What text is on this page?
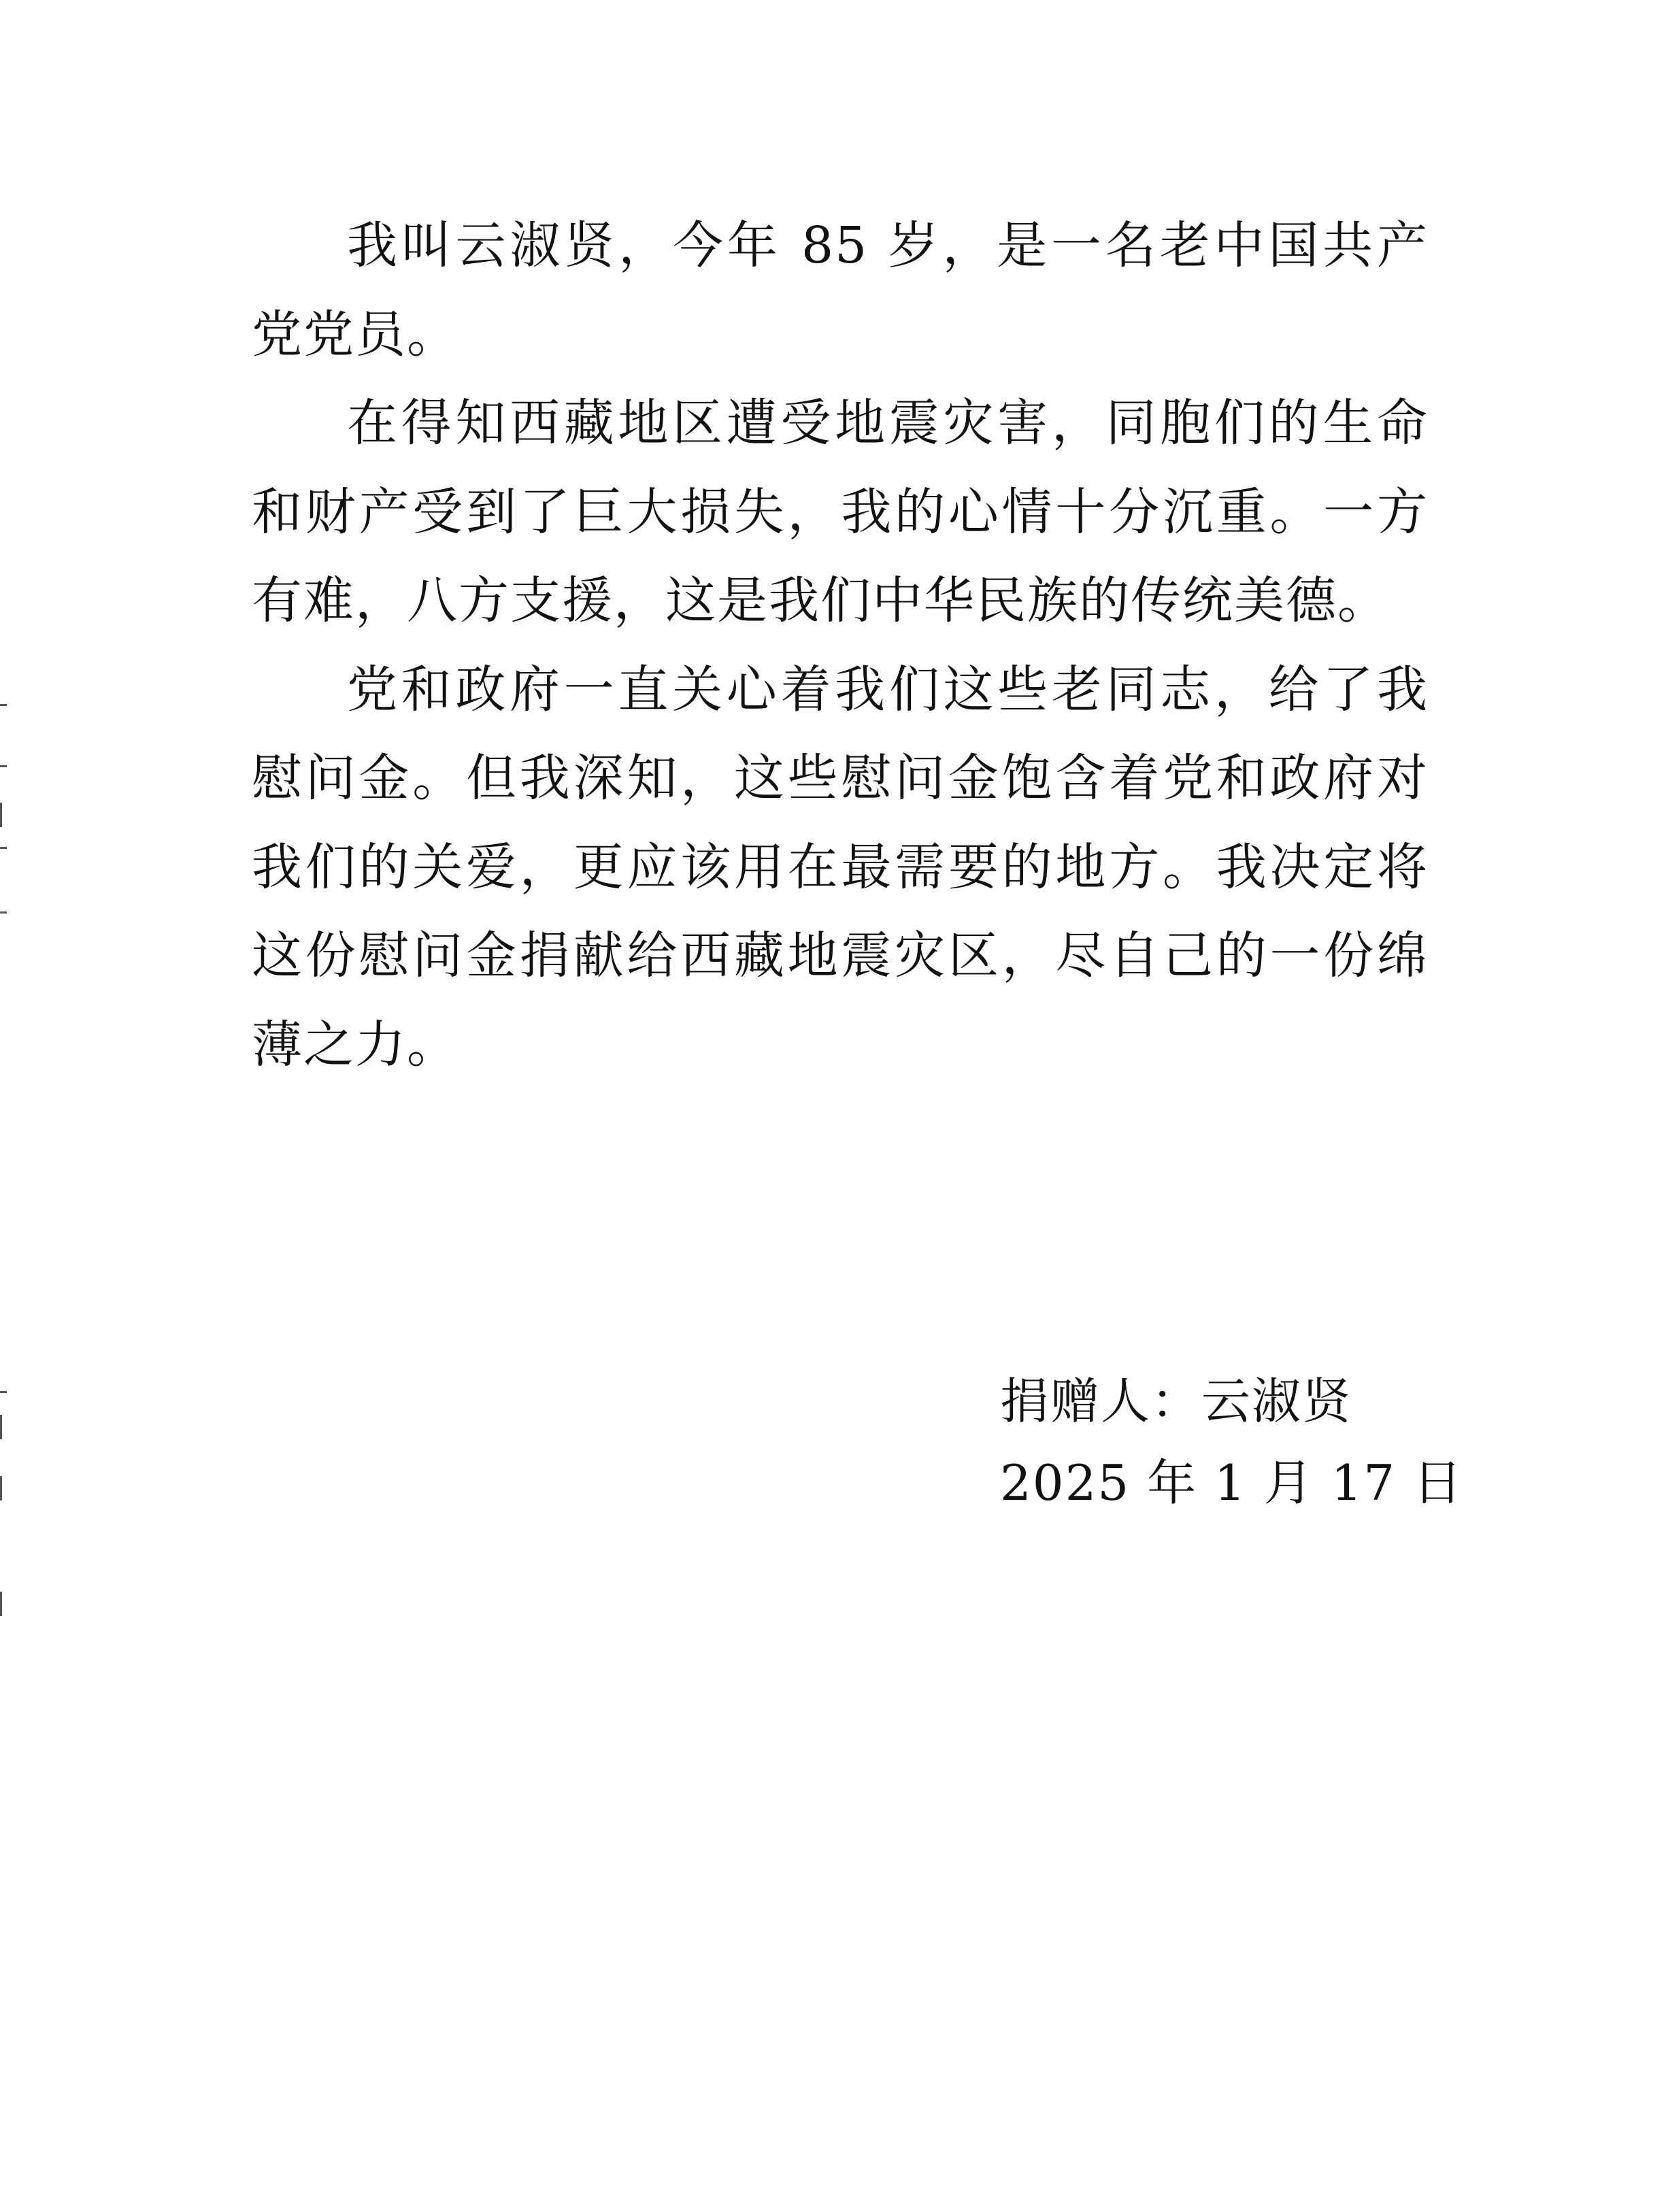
我叫云淑贤，今年 85 岁，是一名老中国共产党党员。

在得知西藏地区遭受地震灾害，同胞们的生命和财产受到了巨大损失，我的心情十分沉重。一方有难，八方支援，这是我们中华民族的传统美德。

党和政府一直关心着我们这些老同志，给了我慰问金。但我深知，这些慰问金饱含着党和政府对我们的关爱，更应该用在最需要的地方。我决定将这份慰问金捐献给西藏地震灾区，尽自己的一份绵薄之力。

捐赠人：云淑贤
2025 年 1 月 17 日
